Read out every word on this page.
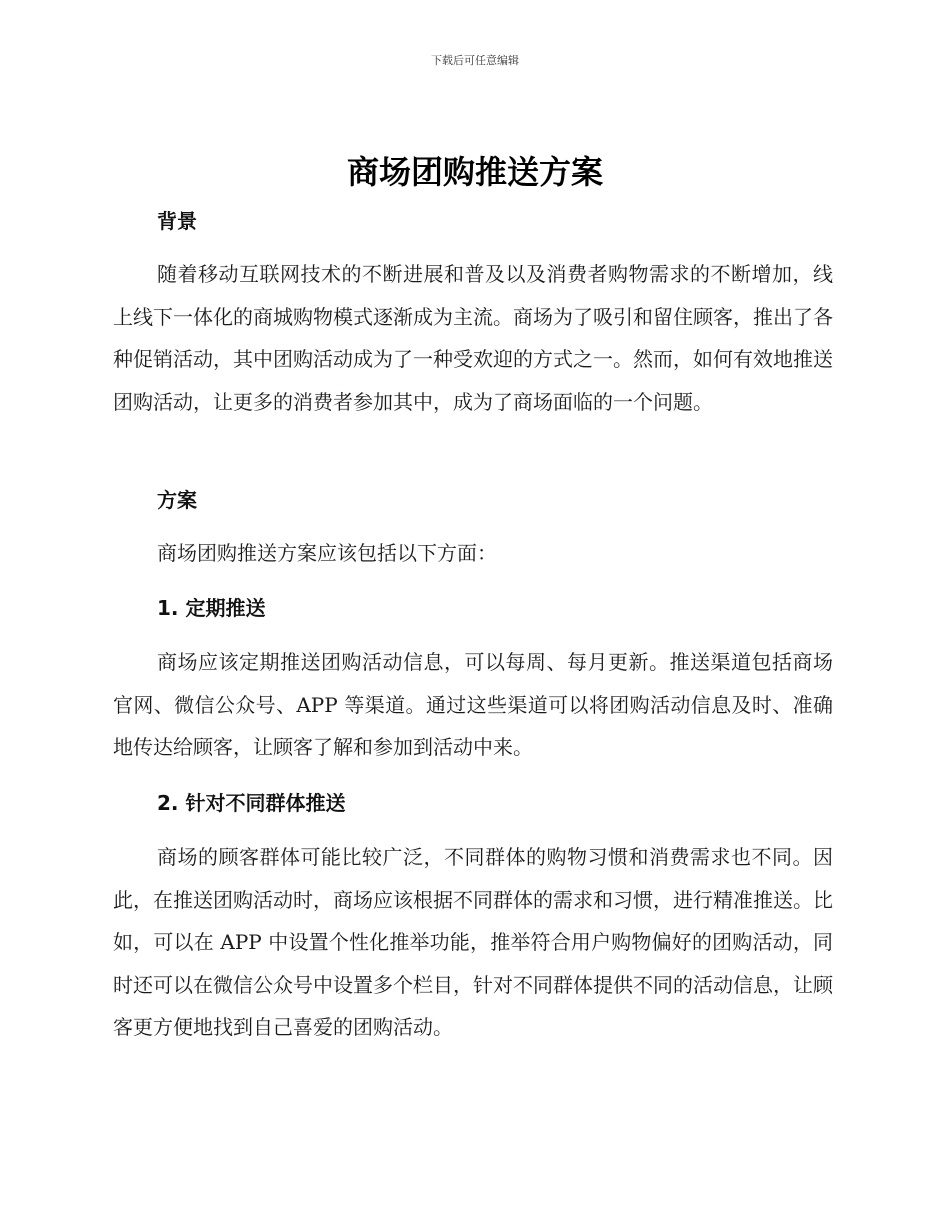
下载后可任意编辑
商场团购推送方案
背景

随着移动互联网技术的不断进展和普及以及消费者购物需求的不断增加，线上线下一体化的商城购物模式逐渐成为主流。商场为了吸引和留住顾客，推出了各种促销活动，其中团购活动成为了一种受欢迎的方式之一。然而，如何有效地推送团购活动，让更多的消费者参加其中，成为了商场面临的一个问题。

方案

商场团购推送方案应该包括以下方面：

1. 定期推送

商场应该定期推送团购活动信息，可以每周、每月更新。推送渠道包括商场官网、微信公众号、APP 等渠道。通过这些渠道可以将团购活动信息及时、准确地传达给顾客，让顾客了解和参加到活动中来。

2. 针对不同群体推送

商场的顾客群体可能比较广泛，不同群体的购物习惯和消费需求也不同。因此，在推送团购活动时，商场应该根据不同群体的需求和习惯，进行精准推送。比如，可以在 APP 中设置个性化推举功能，推举符合用户购物偏好的团购活动，同时还可以在微信公众号中设置多个栏目，针对不同群体提供不同的活动信息，让顾客更方便地找到自己喜爱的团购活动。
